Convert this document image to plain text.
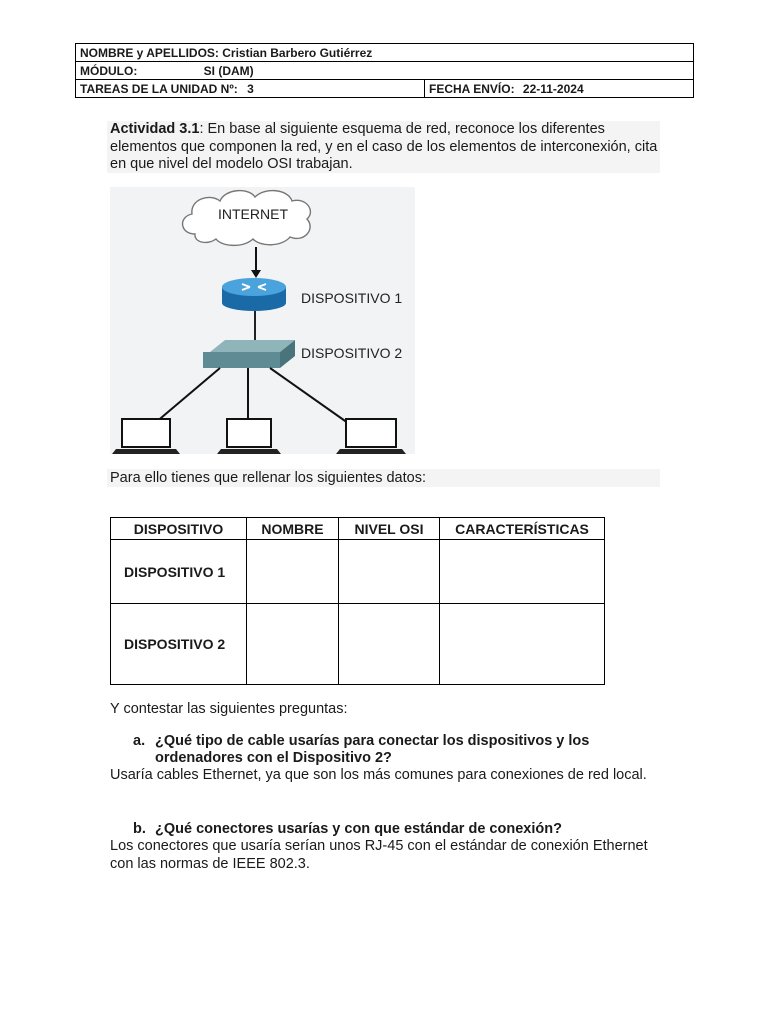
NOMBRE y APELLIDOS: Cristian Barbero Gutiérrez
MÓDULO:	SI (DAM)
TAREAS DE LA UNIDAD Nº: 3	FECHA ENVÍO: 22-11-2024
Actividad 3.1: En base al siguiente esquema de red, reconoce los diferentes elementos que componen la red, y en el caso de los elementos de interconexión, cita en que nivel del modelo OSI trabajan.
INTERNET
DISPOSITIVO 1
DISPOSITIVO 2
Para ello tienes que rellenar los siguientes datos:
DISPOSITIVO	NOMBRE	NIVEL OSI	CARACTERÍSTICAS
DISPOSITIVO 1			
DISPOSITIVO 2			
Y contestar las siguientes preguntas:
a. ¿Qué tipo de cable usarías para conectar los dispositivos y los ordenadores con el Dispositivo 2?
Usaría cables Ethernet, ya que son los más comunes para conexiones de red local.
b. ¿Qué conectores usarías y con que estándar de conexión?
Los conectores que usaría serían unos RJ-45 con el estándar de conexión Ethernet con las normas de IEEE 802.3.
